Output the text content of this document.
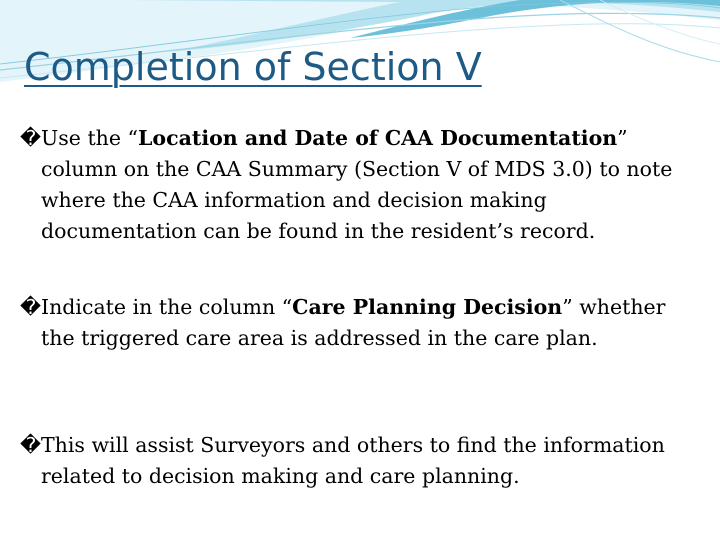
Completion of Section V
� Use the “Location and Date of CAA Documentation” column on the CAA Summary (Section V of MDS 3.0) to note where the CAA information and decision making documentation can be found in the resident’s record.
� Indicate in the column “Care Planning Decision” whether the triggered care area is addressed in the care plan.
� This will assist Surveyors and others to find the information related to decision making and care planning.
